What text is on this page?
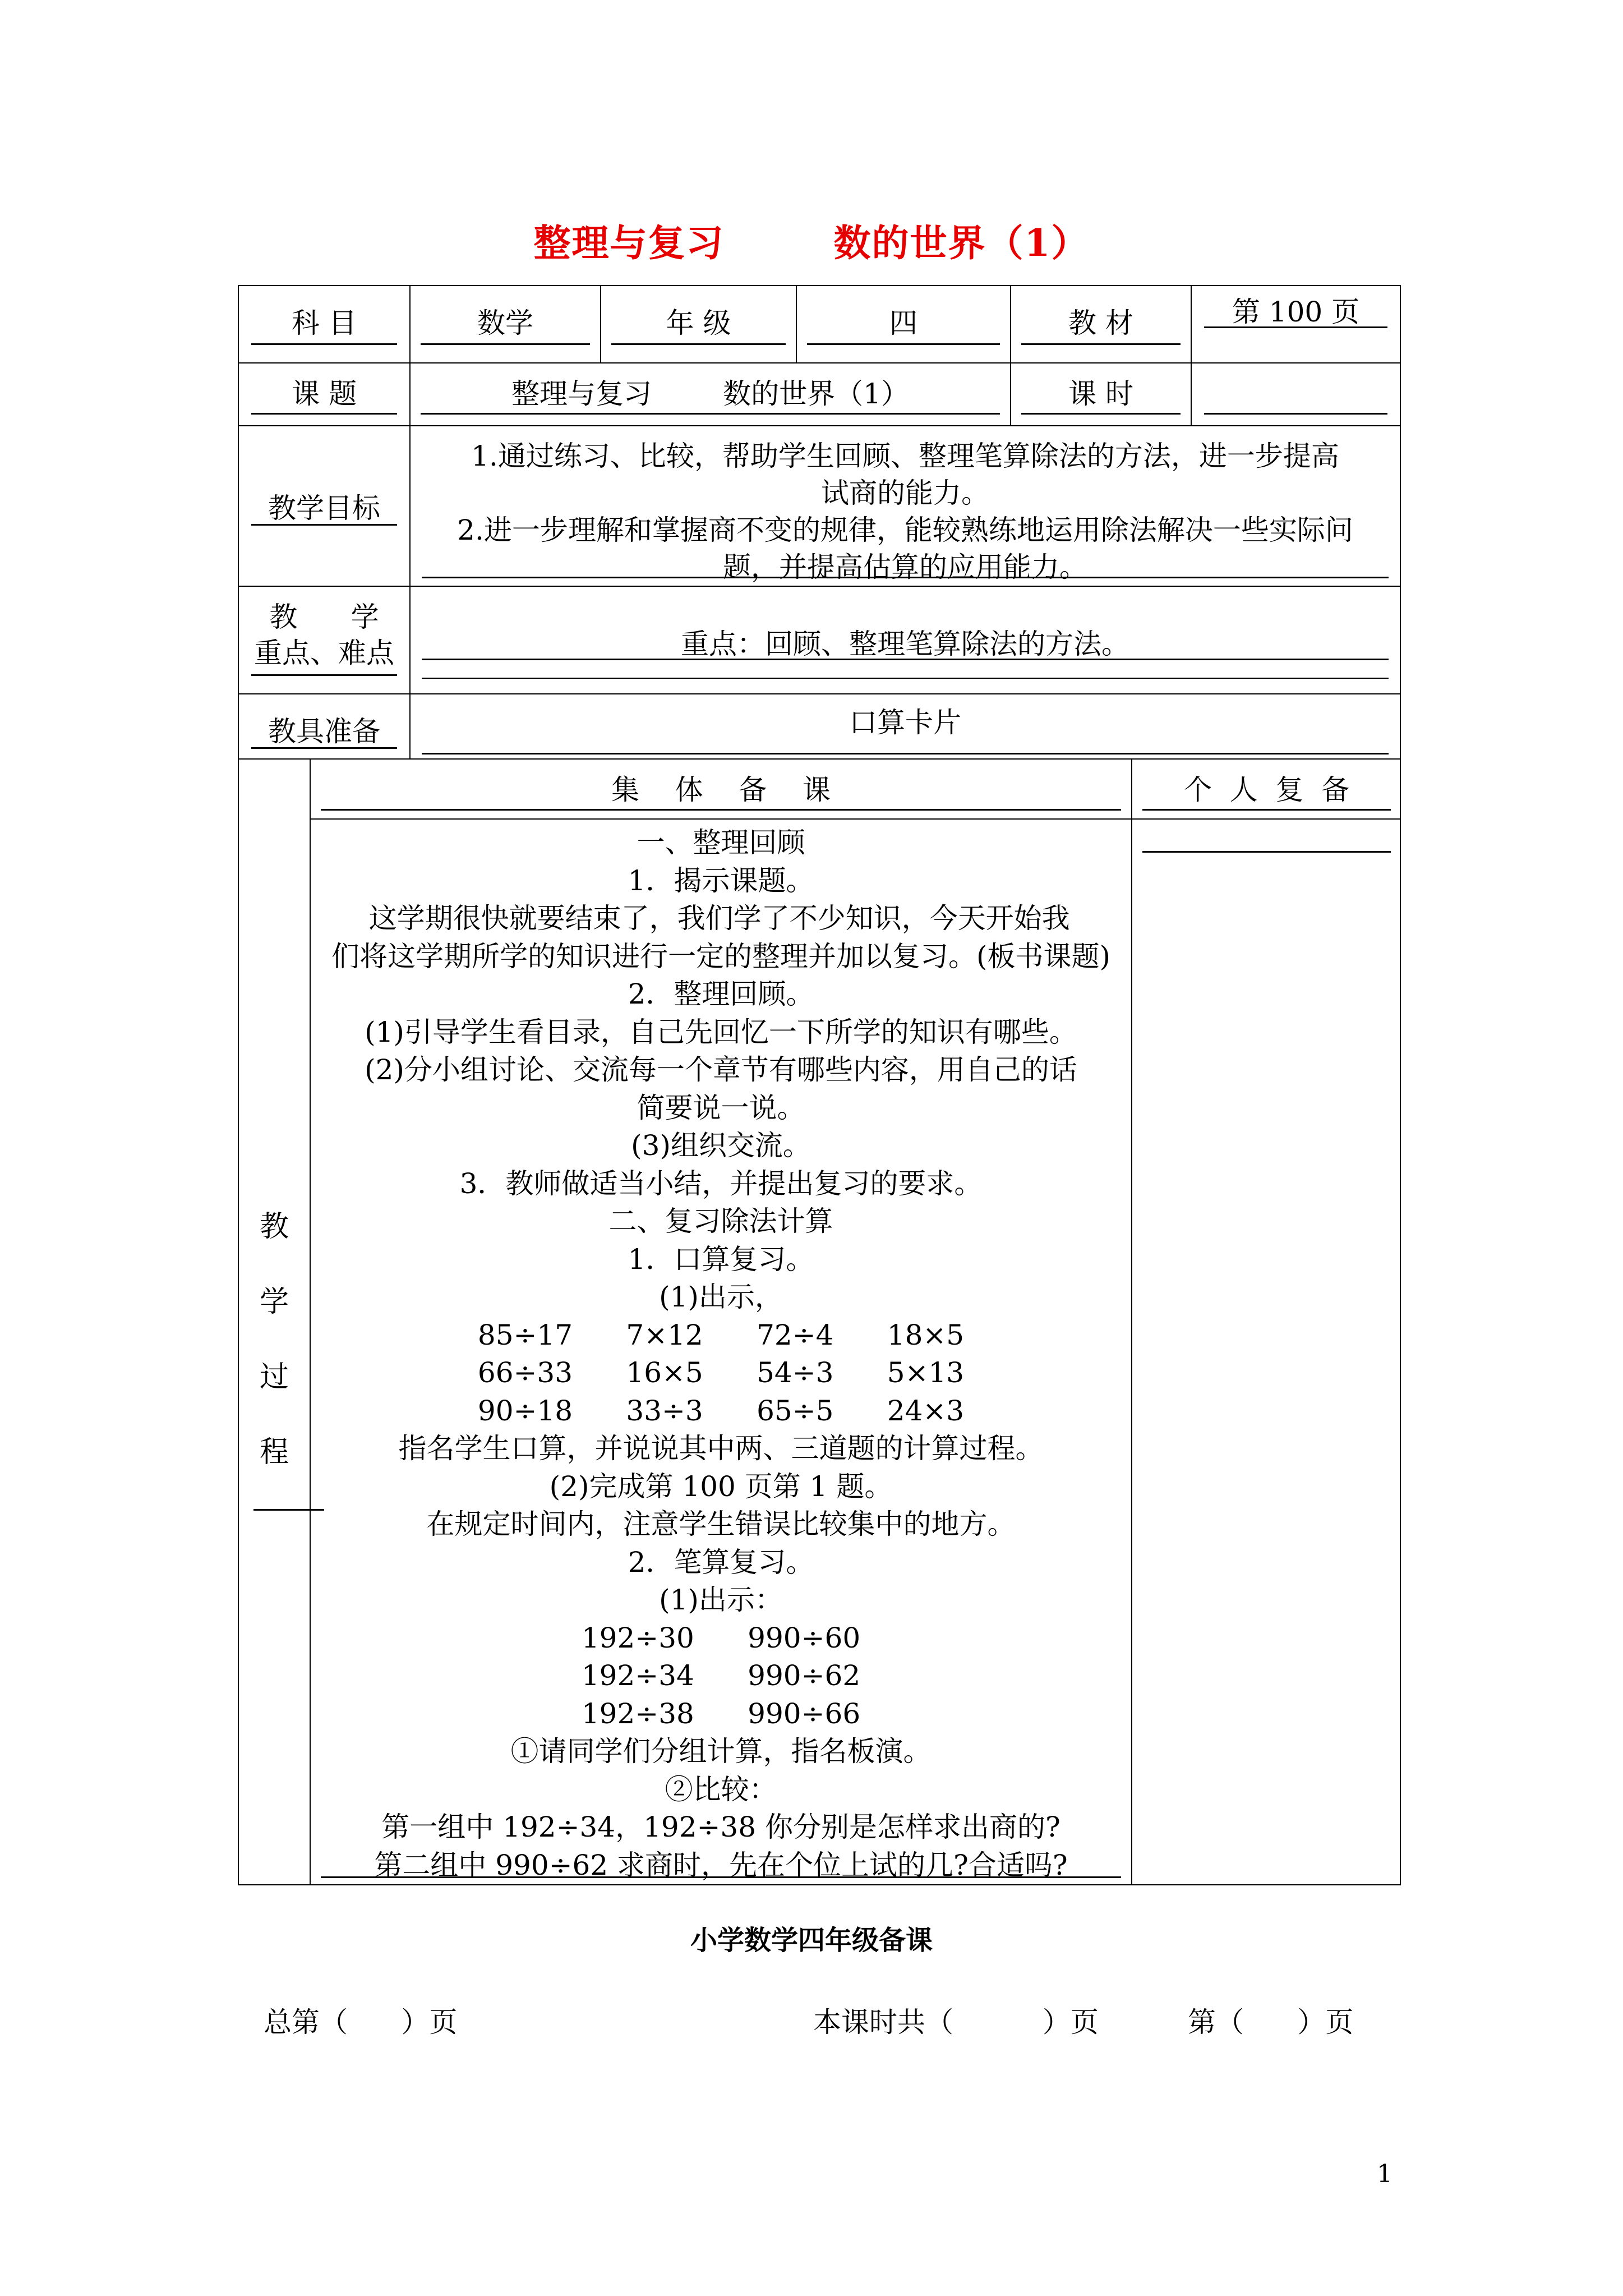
整理与复习	数的世界（1）
科 目	数学	年 级	四	教 材	第 100 页

课 题	整理与复习        数的世界（1）	课 时

教学目标

1.通过练习、比较，帮助学生回顾、整理笔算除法的方法，进一步提高

试商的能力。

2.进一步理解和掌握商不变的规律，能较熟练地运用除法解决一些实际问

题，并提高估算的应用能力。

教      学
重点、难点	重点：回顾、整理笔算除法的方法。

教具准备	口算卡片

教
学
过
程

集    体    备    课	个  人  复  备

一、整理回顾

1．揭示课题。

这学期很快就要结束了，我们学了不少知识，今天开始我

们将这学期所学的知识进行一定的整理并加以复习。(板书课题)

2．整理回顾。

(1)引导学生看目录，自己先回忆一下所学的知识有哪些。

(2)分小组讨论、交流每一个章节有哪些内容，用自己的话

简要说一说。

(3)组织交流。

3．教师做适当小结，并提出复习的要求。

二、复习除法计算

1．口算复习。

(1)出示，

85÷17      7×12      72÷4      18×5

66÷33      16×5      54÷3      5×13

90÷18      33÷3      65÷5      24×3

指名学生口算，并说说其中两、三道题的计算过程。

(2)完成第 100 页第 1 题。

在规定时间内，注意学生错误比较集中的地方。

2．笔算复习。

(1)出示：

192÷30      990÷60

192÷34      990÷62

192÷38      990÷66

①请同学们分组计算，指名板演。

②比较：

第一组中 192÷34，192÷38 你分别是怎样求出商的?

第二组中 990÷62 求商时，先在个位上试的几?合适吗?

小学数学四年级备课
总第（      ）页	本课时共（          ）页	第（      ）页
1
